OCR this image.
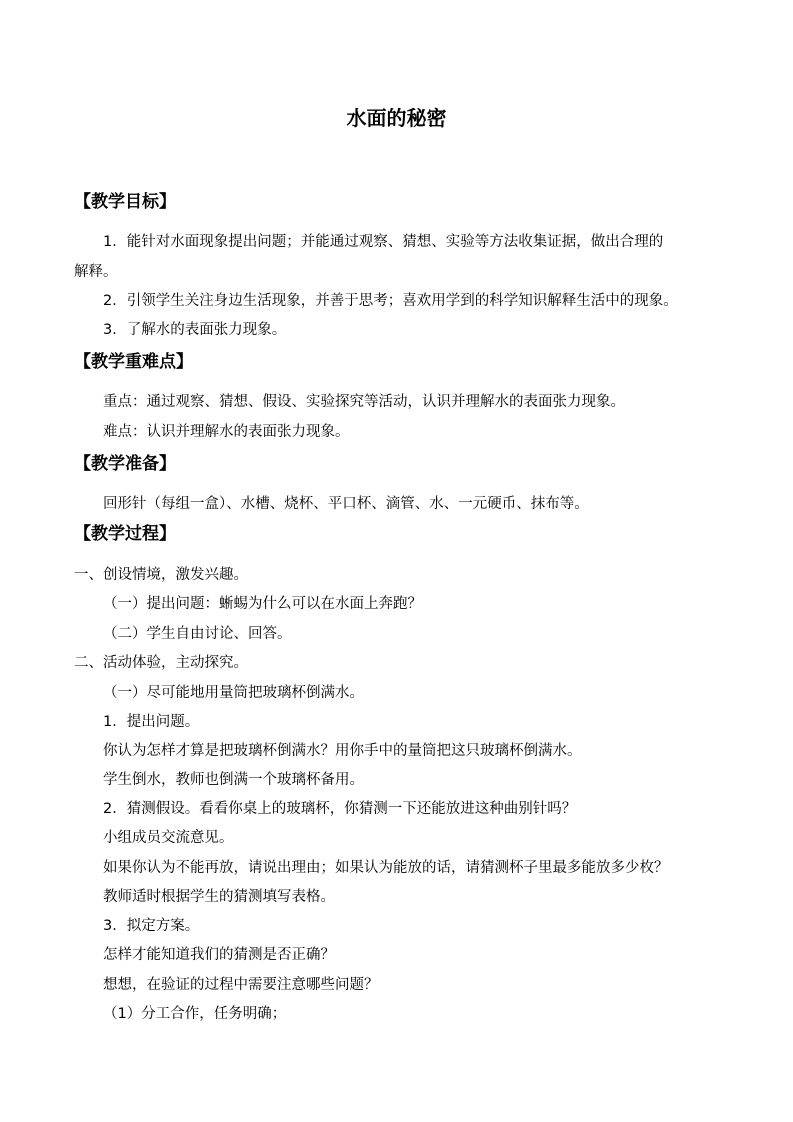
水面的秘密
【教学目标】
1．能针对水面现象提出问题；并能通过观察、猜想、实验等方法收集证据，做出合理的
解释。
2．引领学生关注身边生活现象，并善于思考；喜欢用学到的科学知识解释生活中的现象。
3．了解水的表面张力现象。
【教学重难点】
重点：通过观察、猜想、假设、实验探究等活动，认识并理解水的表面张力现象。
难点：认识并理解水的表面张力现象。
【教学准备】
回形针（每组一盒）、水槽、烧杯、平口杯、滴管、水、一元硬币、抹布等。
【教学过程】
一、创设情境，激发兴趣。
（一）提出问题：蜥蜴为什么可以在水面上奔跑？
（二）学生自由讨论、回答。
二、活动体验，主动探究。
（一）尽可能地用量筒把玻璃杯倒满水。
1．提出问题。
你认为怎样才算是把玻璃杯倒满水？用你手中的量筒把这只玻璃杯倒满水。
学生倒水，教师也倒满一个玻璃杯备用。
2．猜测假设。看看你桌上的玻璃杯，你猜测一下还能放进这种曲别针吗？
小组成员交流意见。
如果你认为不能再放，请说出理由；如果认为能放的话，请猜测杯子里最多能放多少枚？
教师适时根据学生的猜测填写表格。
3．拟定方案。
怎样才能知道我们的猜测是否正确？
想想，在验证的过程中需要注意哪些问题？
（1）分工合作，任务明确；
